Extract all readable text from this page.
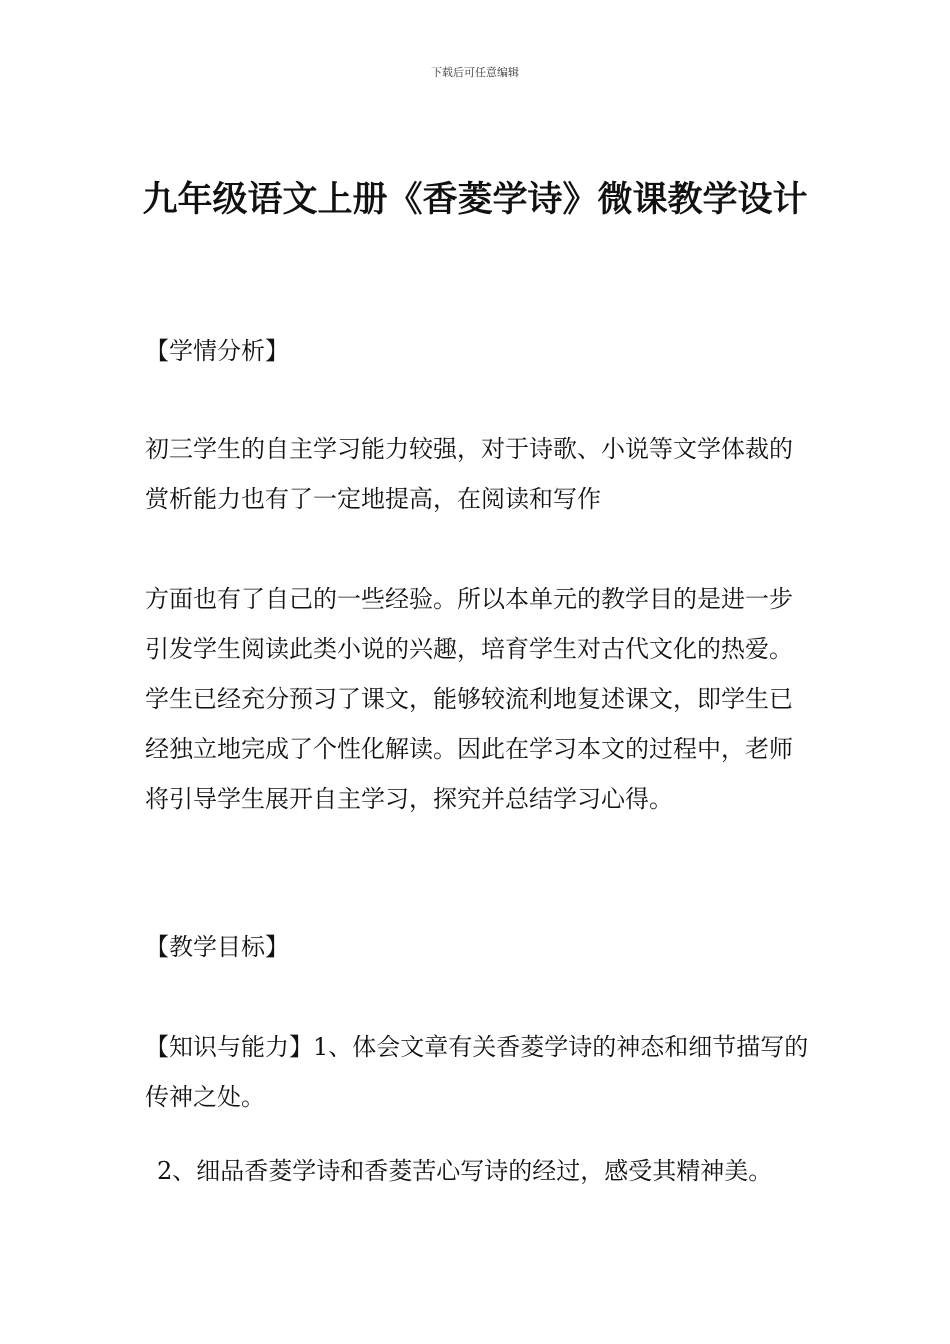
下载后可任意编辑
九年级语文上册《香菱学诗》微课教学设计

【学情分析】

初三学生的自主学习能力较强，对于诗歌、小说等文学体裁的赏析能力也有了一定地提高，在阅读和写作

方面也有了自己的一些经验。所以本单元的教学目的是进一步引发学生阅读此类小说的兴趣，培育学生对古代文化的热爱。学生已经充分预习了课文，能够较流利地复述课文，即学生已经独立地完成了个性化解读。因此在学习本文的过程中，老师将引导学生展开自主学习，探究并总结学习心得。

【教学目标】

【知识与能力】1、体会文章有关香菱学诗的神态和细节描写的传神之处。

2、细品香菱学诗和香菱苦心写诗的经过，感受其精神美。
